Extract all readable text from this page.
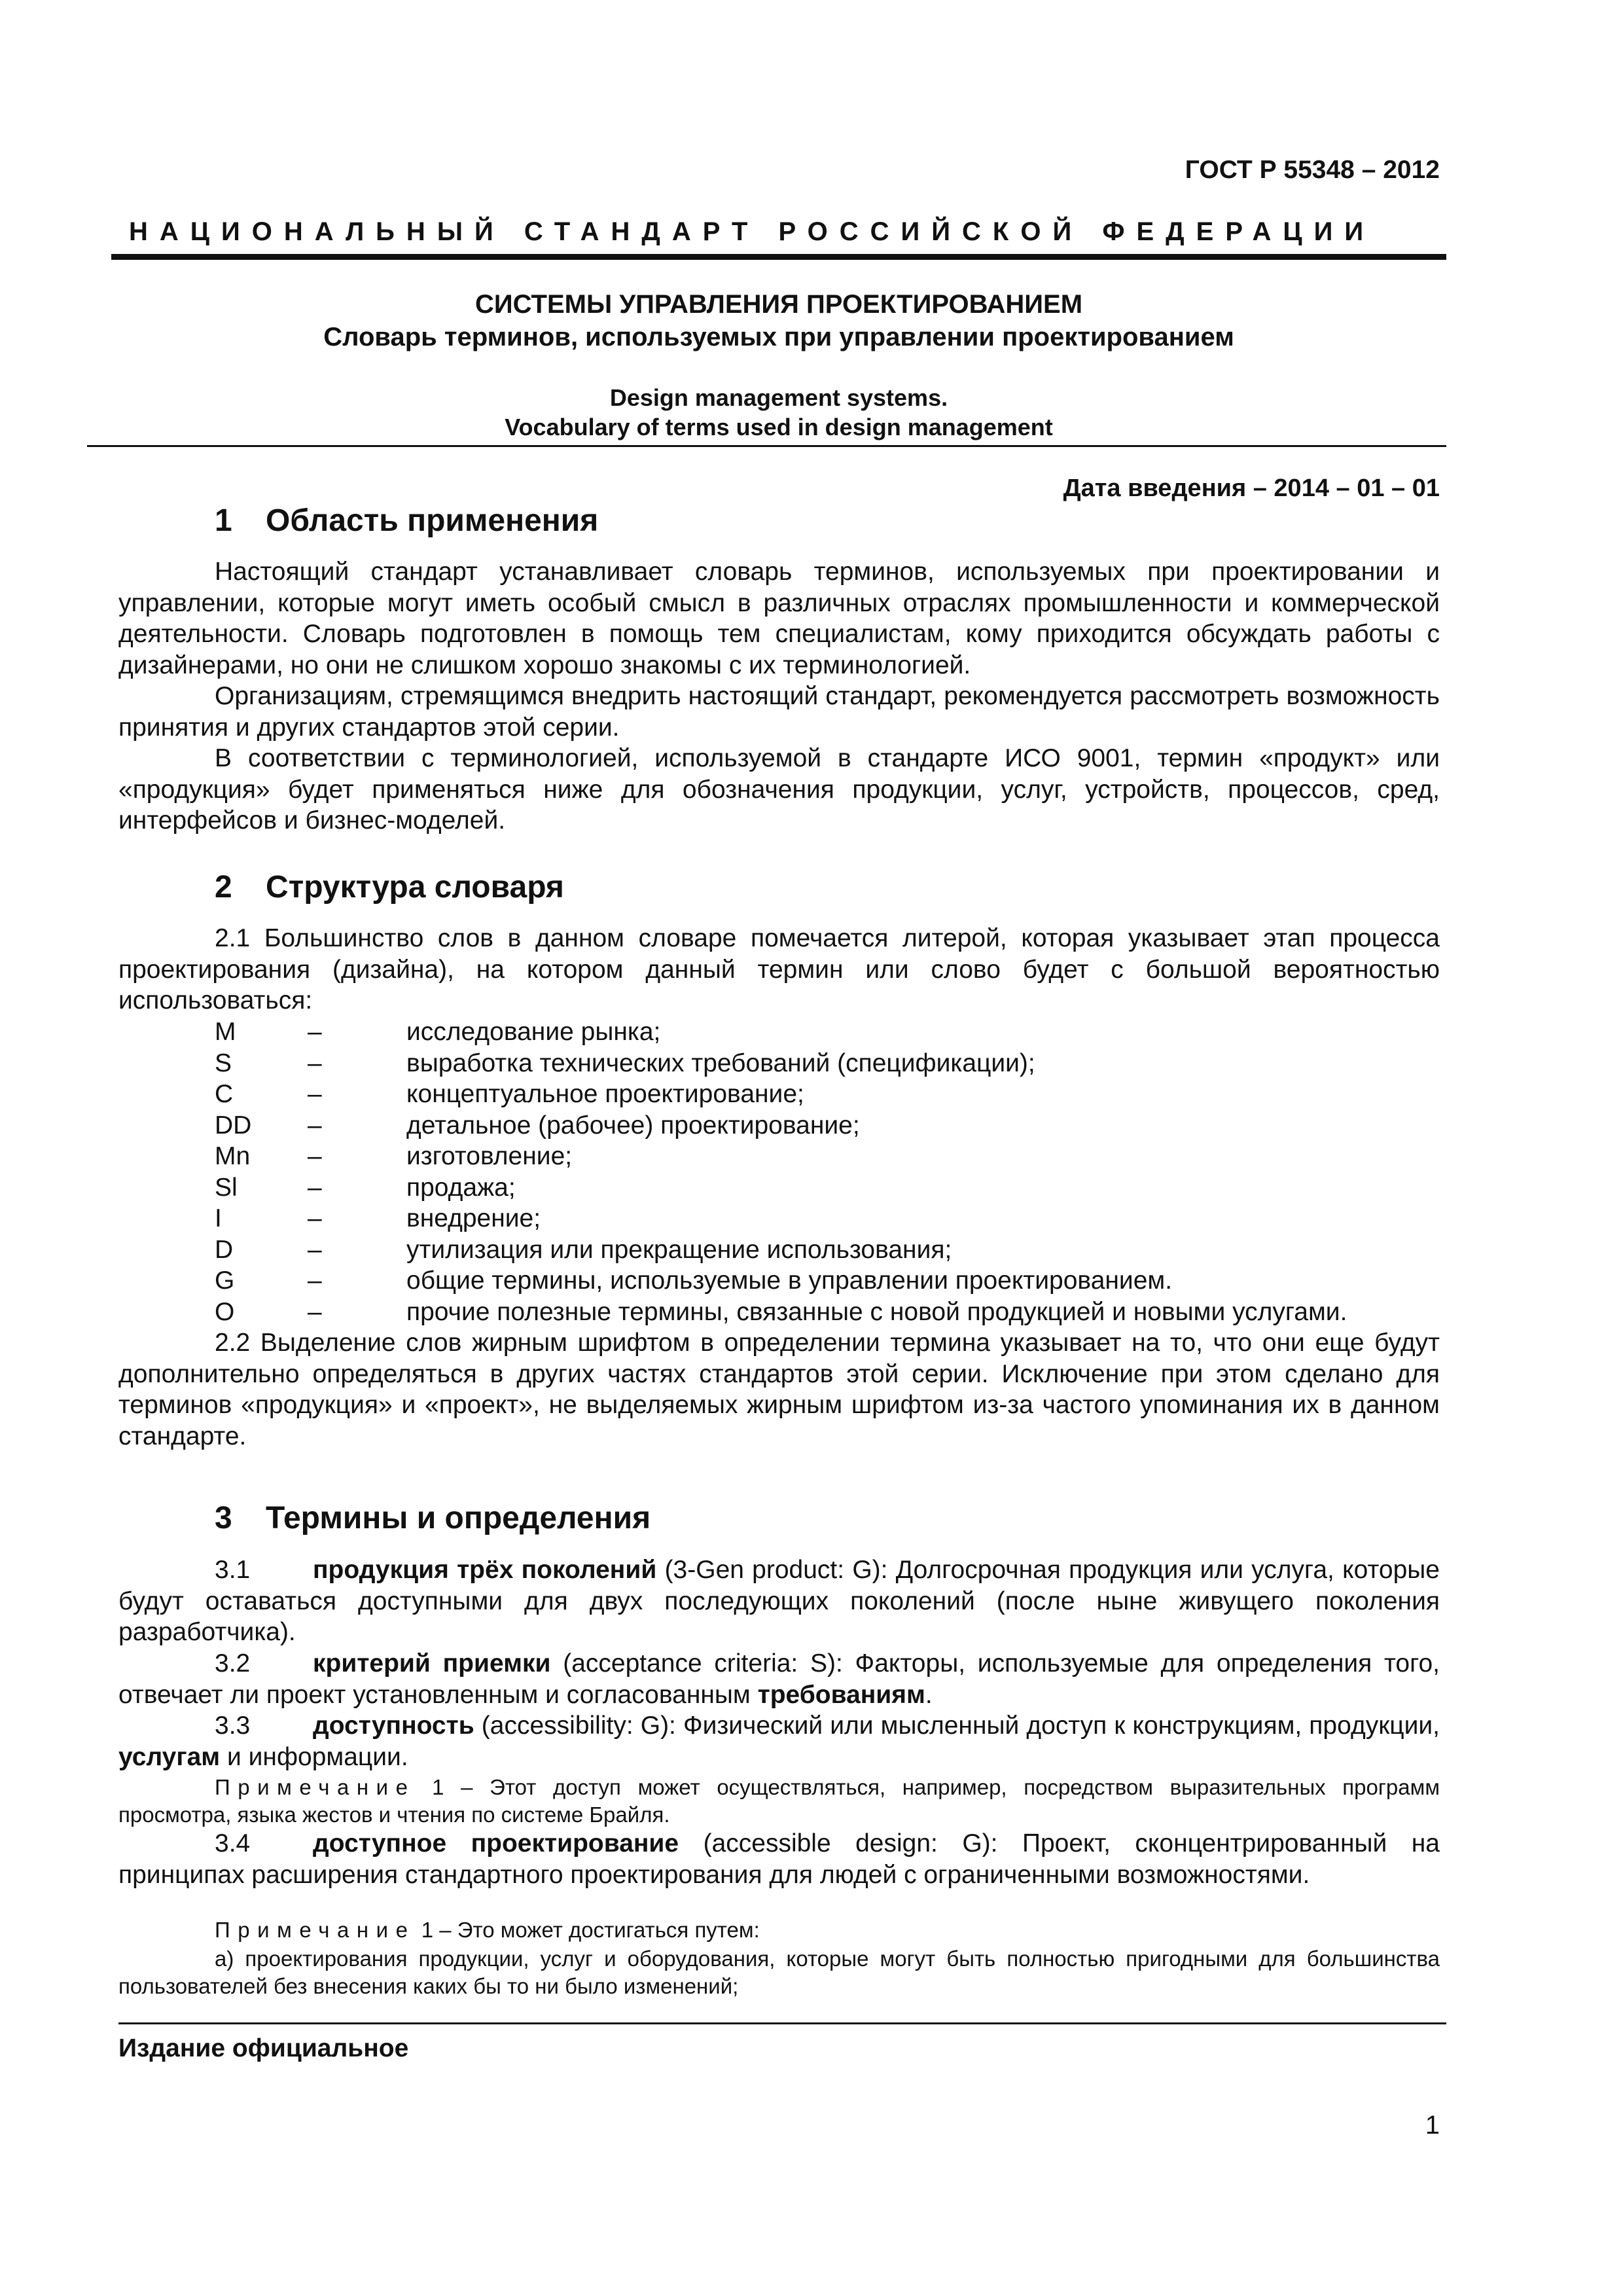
ГОСТ Р 55348 – 2012
НАЦИОНАЛЬНЫЙ СТАНДАРТ РОССИЙСКОЙ ФЕДЕРАЦИИ
СИСТЕМЫ УПРАВЛЕНИЯ ПРОЕКТИРОВАНИЕМ
Словарь терминов, используемых при управлении проектированием
Design management systems.
Vocabulary of terms used in design management
Дата введения – 2014 – 01 – 01
1 Область применения
Настоящий стандарт устанавливает словарь терминов, используемых при проектировании и управлении, которые могут иметь особый смысл в различных отраслях промышленности и коммерческой деятельности. Словарь подготовлен в помощь тем специалистам, кому приходится обсуждать работы с дизайнерами, но они не слишком хорошо знакомы с их терминологией.
Организациям, стремящимся внедрить настоящий стандарт, рекомендуется рассмотреть возможность принятия и других стандартов этой серии.
В соответствии с терминологией, используемой в стандарте ИСО 9001, термин «продукт» или «продукция» будет применяться ниже для обозначения продукции, услуг, устройств, процессов, сред, интерфейсов и бизнес-моделей.
2 Структура словаря
2.1 Большинство слов в данном словаре помечается литерой, которая указывает этап процесса проектирования (дизайна), на котором данный термин или слово будет с большой вероятностью использоваться:
M	–	исследование рынка;
S	–	выработка технических требований (спецификации);
C	–	концептуальное проектирование;
DD –	детальное (рабочее) проектирование;
Mn –	изготовление;
Sl	–	продажа;
I	–	внедрение;
D	–	утилизация или прекращение использования;
G	–	общие термины, используемые в управлении проектированием.
O	–	прочие полезные термины, связанные с новой продукцией и новыми услугами.
2.2 Выделение слов жирным шрифтом в определении термина указывает на то, что они еще будут дополнительно определяться в других частях стандартов этой серии. Исключение при этом сделано для терминов «продукция» и «проект», не выделяемых жирным шрифтом из-за частого упоминания их в данном стандарте.
3 Термины и определения
3.1 продукция трёх поколений (3-Gen product: G): Долгосрочная продукция или услуга, которые будут оставаться доступными для двух последующих поколений (после ныне живущего поколения разработчика).
3.2 критерий приемки (acceptance criteria: S): Факторы, используемые для определения того, отвечает ли проект установленным и согласованным требованиям.
3.3 доступность (accessibility: G): Физический или мысленный доступ к конструкциям, продукции, услугам и информации.
Примечание 1 – Этот доступ может осуществляться, например, посредством выразительных программ просмотра, языка жестов и чтения по системе Брайля.
3.4 доступное проектирование (accessible design: G): Проект, сконцентрированный на принципах расширения стандартного проектирования для людей с ограниченными возможностями.
Примечание 1 – Это может достигаться путем:
а) проектирования продукции, услуг и оборудования, которые могут быть полностью пригодными для большинства пользователей без внесения каких бы то ни было изменений;
Издание официальное
1
